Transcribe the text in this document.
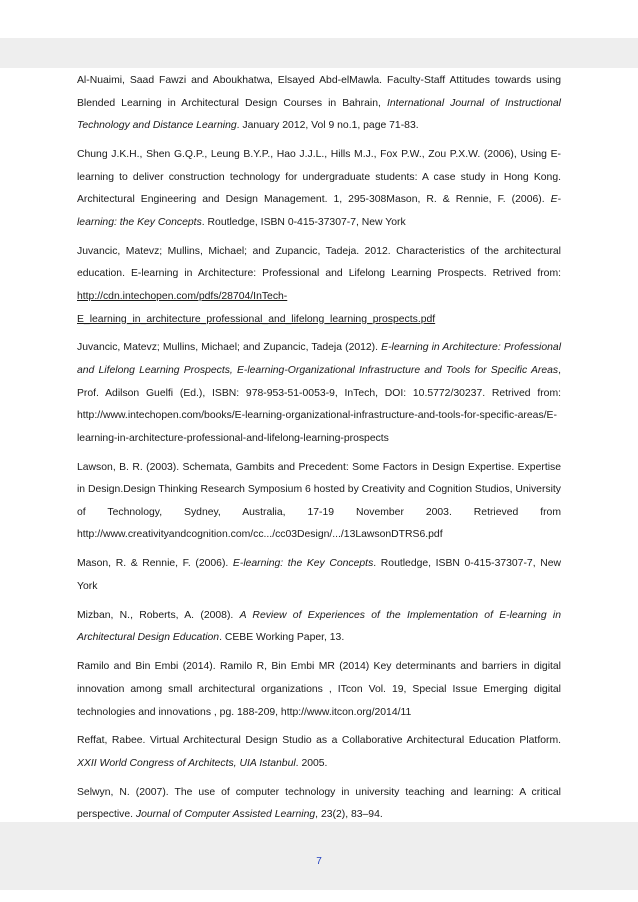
Al-Nuaimi, Saad Fawzi and Aboukhatwa, Elsayed Abd-elMawla. Faculty-Staff Attitudes towards using Blended Learning in Architectural Design Courses in Bahrain, International Journal of Instructional Technology and Distance Learning. January 2012, Vol 9 no.1, page 71-83.

Chung J.K.H., Shen G.Q.P., Leung B.Y.P., Hao J.J.L., Hills M.J., Fox P.W., Zou P.X.W. (2006), Using E-learning to deliver construction technology for undergraduate students: A case study in Hong Kong. Architectural Engineering and Design Management. 1, 295-308Mason, R. & Rennie, F. (2006). E-learning: the Key Concepts. Routledge, ISBN 0-415-37307-7, New York

Juvancic, Matevz; Mullins, Michael; and Zupancic, Tadeja. 2012. Characteristics of the architectural education. E-learning in Architecture: Professional and Lifelong Learning Prospects. Retrived from: http://cdn.intechopen.com/pdfs/28704/InTech-E_learning_in_architecture_professional_and_lifelong_learning_prospects.pdf

Juvancic, Matevz; Mullins, Michael; and Zupancic, Tadeja (2012). E-learning in Architecture: Professional and Lifelong Learning Prospects, E-learning-Organizational Infrastructure and Tools for Specific Areas, Prof. Adilson Guelfi (Ed.), ISBN: 978-953-51-0053-9, InTech, DOI: 10.5772/30237. Retrived from: http://www.intechopen.com/books/E-learning-organizational-infrastructure-and-tools-for-specific-areas/E-learning-in-architecture-professional-and-lifelong-learning-prospects

Lawson, B. R. (2003). Schemata, Gambits and Precedent: Some Factors in Design Expertise. Expertise in Design.Design Thinking Research Symposium 6 hosted by Creativity and Cognition Studios, University of Technology, Sydney, Australia, 17-19 November 2003. Retrieved from http://www.creativityandcognition.com/cc.../cc03Design/.../13LawsonDTRS6.pdf

Mason, R. & Rennie, F. (2006). E-learning: the Key Concepts. Routledge, ISBN 0-415-37307-7, New York

Mizban, N., Roberts, A. (2008). A Review of Experiences of the Implementation of E-learning in Architectural Design Education. CEBE Working Paper, 13.

Ramilo and Bin Embi (2014). Ramilo R, Bin Embi MR (2014) Key determinants and barriers in digital innovation among small architectural organizations , ITcon Vol. 19, Special Issue Emerging digital technologies and innovations , pg. 188-209, http://www.itcon.org/2014/11

Reffat, Rabee. Virtual Architectural Design Studio as a Collaborative Architectural Education Platform. XXII World Congress of Architects, UIA Istanbul. 2005.

Selwyn, N. (2007). The use of computer technology in university teaching and learning: A critical perspective. Journal of Computer Assisted Learning, 23(2), 83–94.

7
